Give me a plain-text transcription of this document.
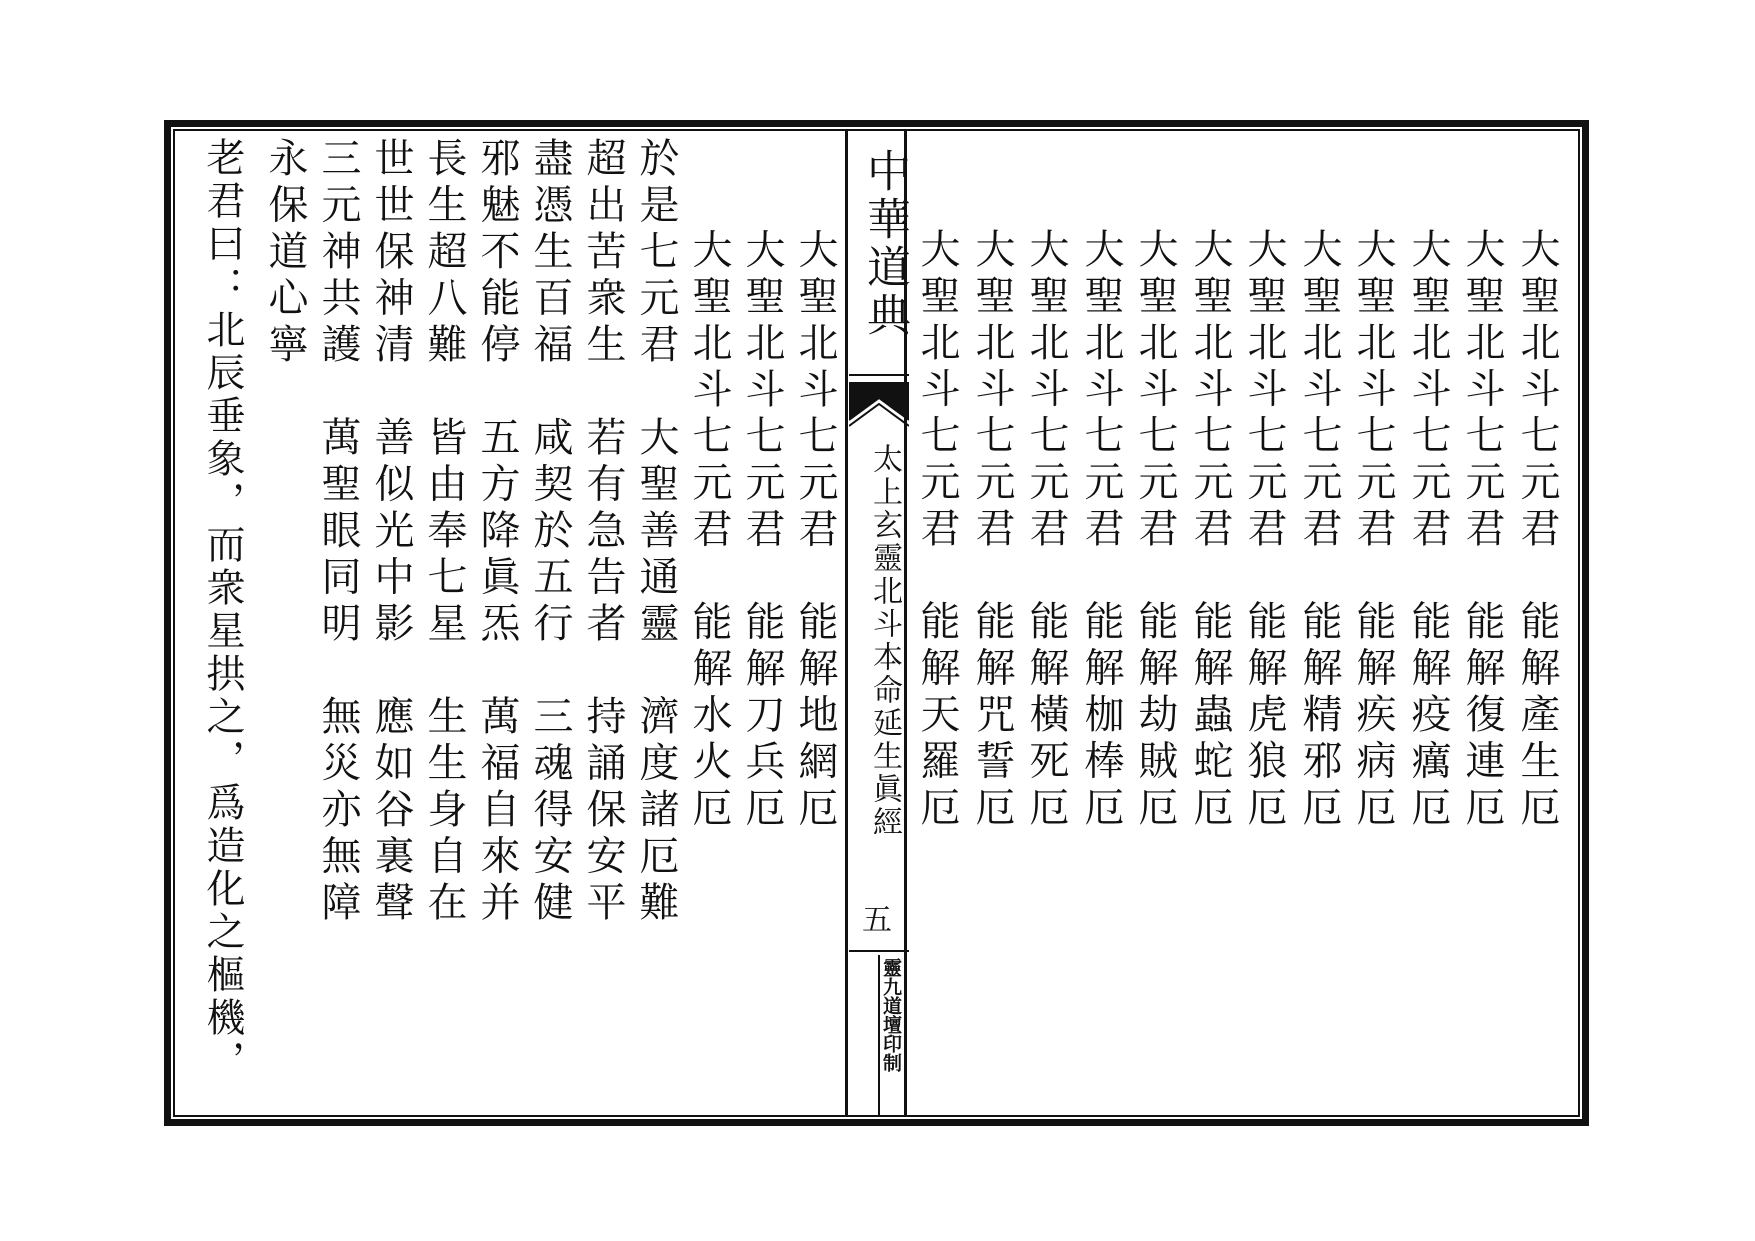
中華道典
太上玄靈北斗本命延生眞經
五
靈九道壇印制
大聖北斗七元君　能解產生厄
大聖北斗七元君　能解復連厄
大聖北斗七元君　能解疫癘厄
大聖北斗七元君　能解疾病厄
大聖北斗七元君　能解精邪厄
大聖北斗七元君　能解虎狼厄
大聖北斗七元君　能解蟲蛇厄
大聖北斗七元君　能解劫賊厄
大聖北斗七元君　能解枷棒厄
大聖北斗七元君　能解橫死厄
大聖北斗七元君　能解咒誓厄
大聖北斗七元君　能解天羅厄
　大聖北斗七元君　能解地網厄
　大聖北斗七元君　能解刀兵厄
　大聖北斗七元君　能解水火厄
於是七元君　大聖善通靈　濟度諸厄難
超出苦衆生　若有急告者　持誦保安平
盡憑生百福　咸契於五行　三魂得安健
邪魅不能停　五方降眞炁　萬福自來并
長生超八難　皆由奉七星　生生身自在
世世保神清　善似光中影　應如谷裏聲
三元神共護　萬聖眼同明　無災亦無障
永保道心寧
老君曰：北辰垂象，而衆星拱之，爲造化之樞機，
